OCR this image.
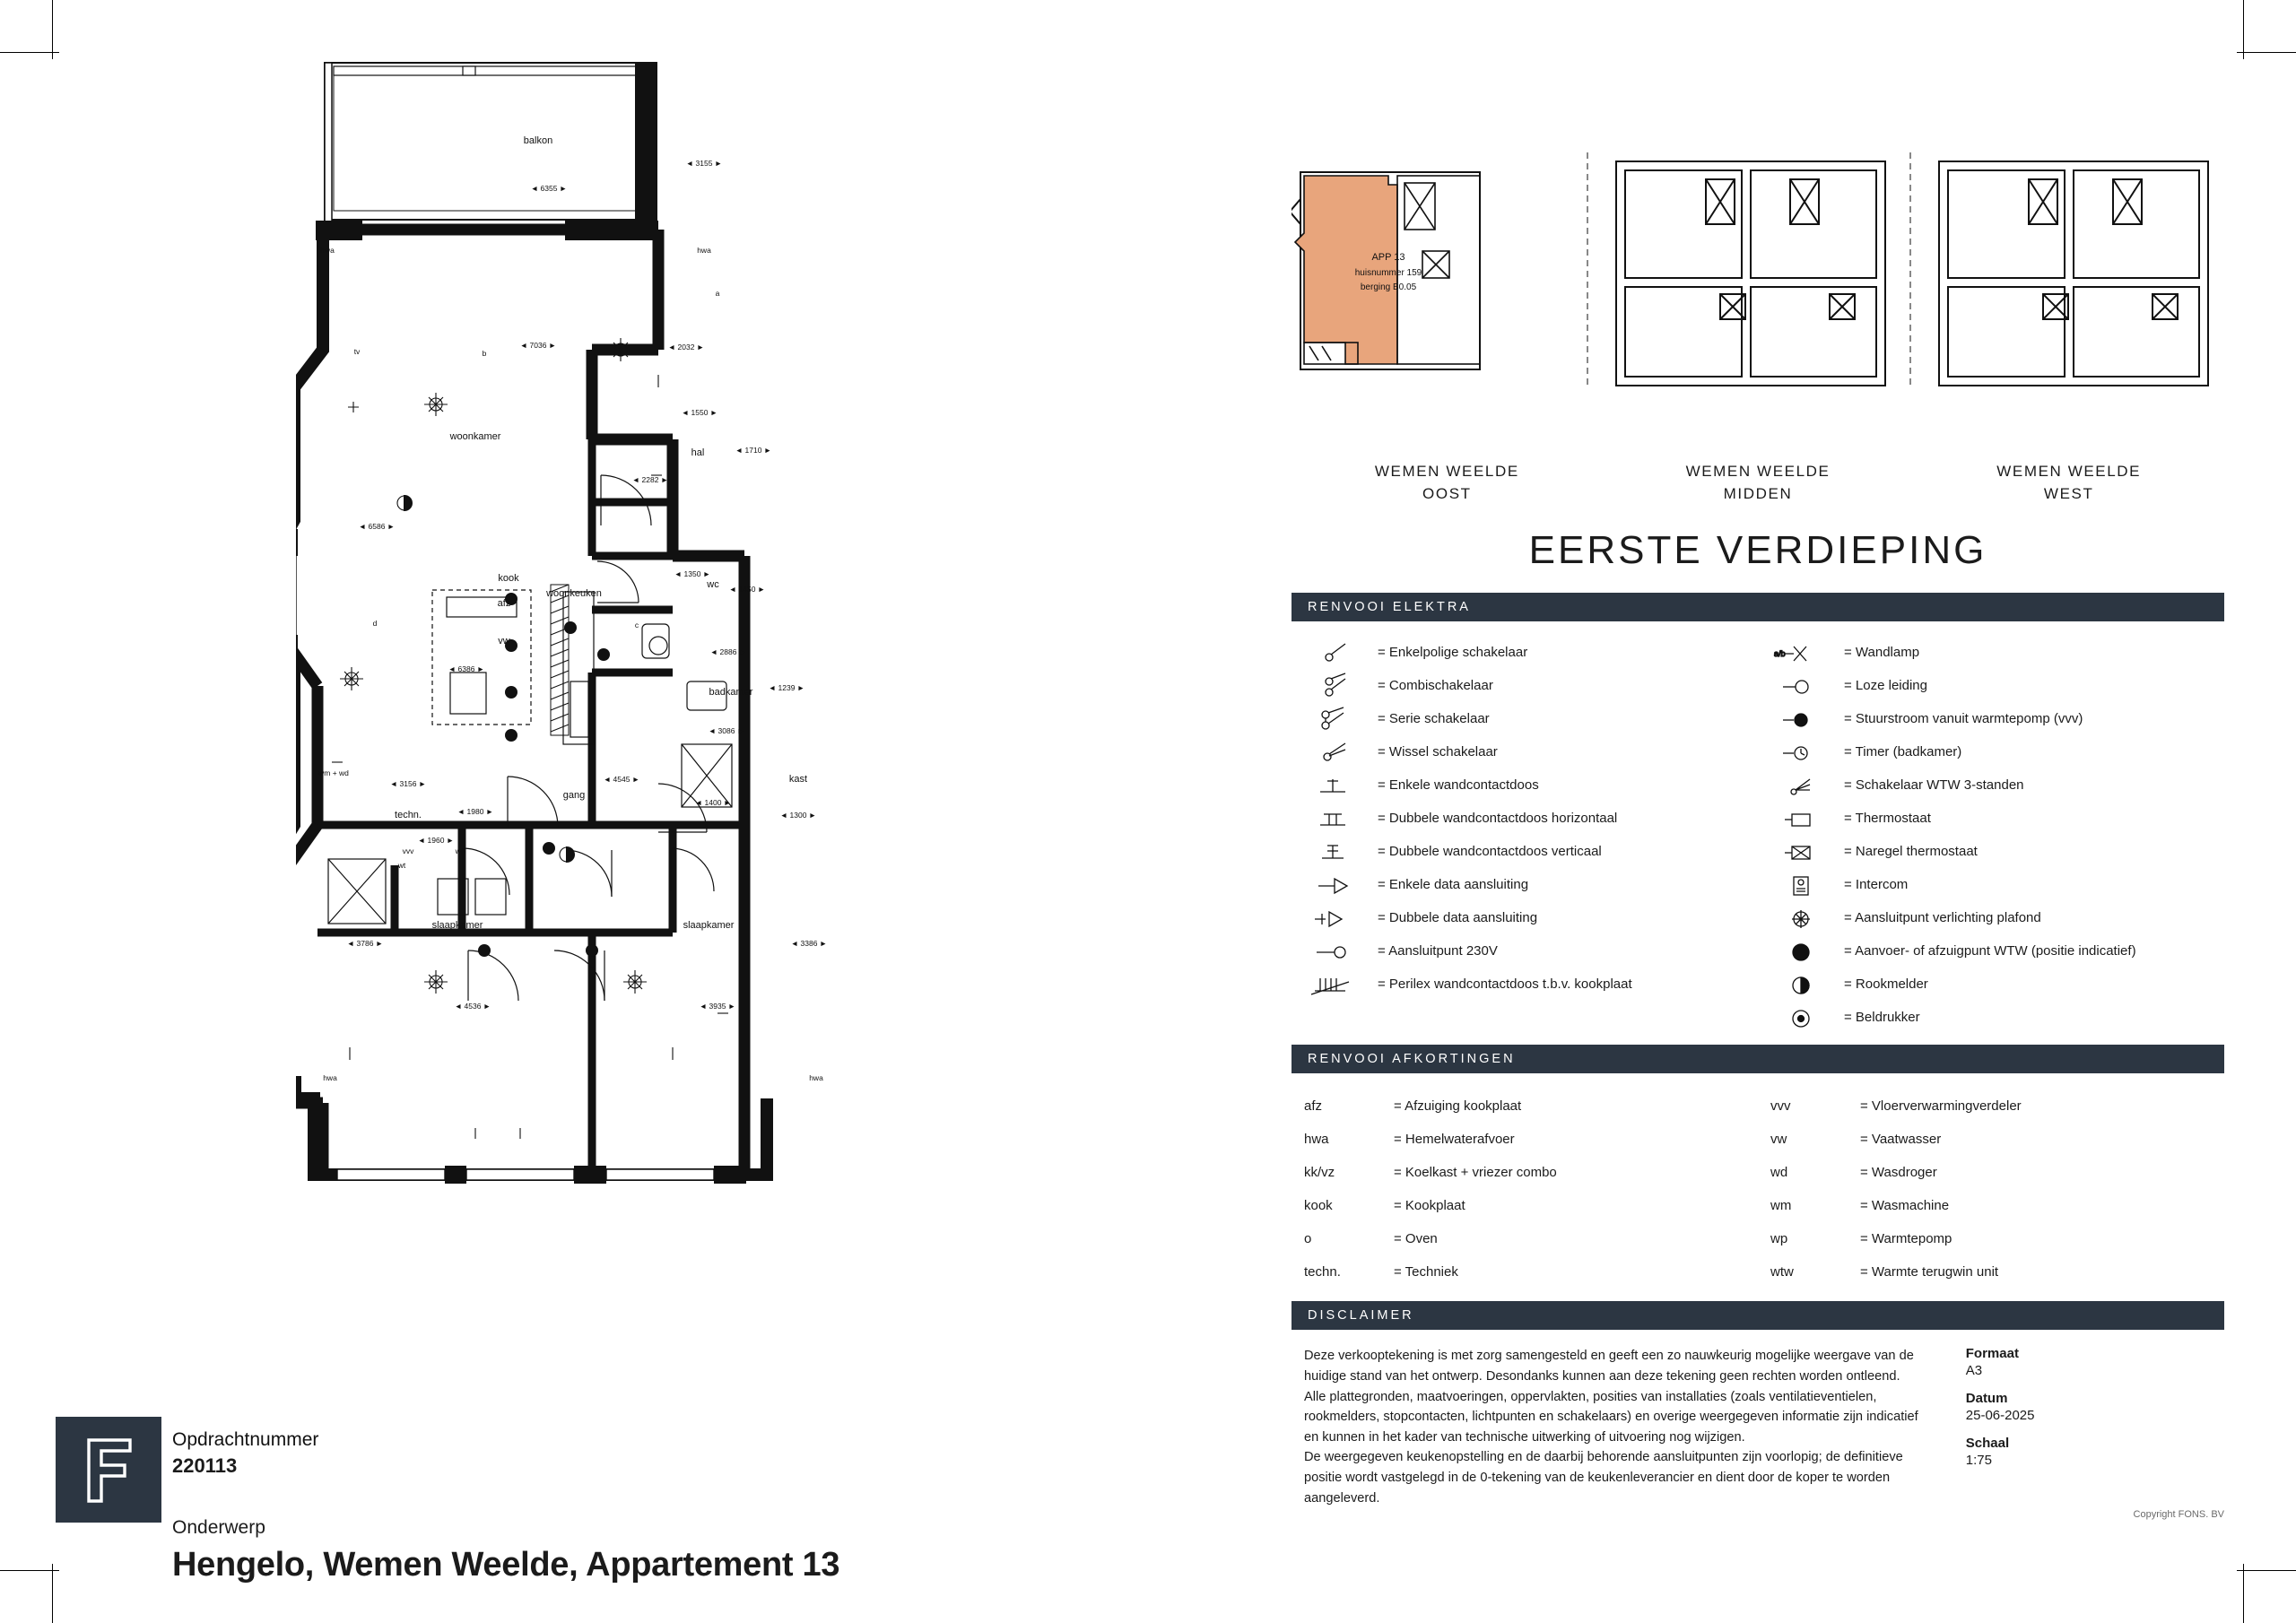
balkon
woonkamer
woonkeuken
hal
wc
badkamer
gang
kast
techn.
slaapkamer	slaapkamer
kook
afz
vw
◄ 6355 ►
◄ 3155 ►
◄ 7036 ►	◄ 2032 ►
◄ 1550 ►
◄ 1710 ►
◄ 2282 ►
◄ 6586 ►
◄ 1350 ►
◄ 1450 ►
◄ 2886 ►
◄ 1239 ►
◄ 6386 ►
◄ 3086 ►
◄ 3156 ►	◄ 4545 ►
◄ 1400 ►
◄ 1300 ►
◄ 1960 ►
◄ 1980 ►
◄ 3786 ►	◄ 3386 ►
◄ 4536 ►	◄ 3935 ►
hwa	hwa
tv
a
b
c
d
wm + wd
vvv
wt
wp
hwa	hwa
APP 13
huisnummer 159
berging B0.05
WEMEN WEELDE
OOST
WEMEN WEELDE
MIDDEN
WEMEN WEELDE
WEST
EERSTE VERDIEPING
RENVOOI ELEKTRA
= Enkelpolige schakelaar
= Combischakelaar
= Serie schakelaar
= Wissel schakelaar
= Enkele wandcontactdoos
= Dubbele wandcontactdoos horizontaal
= Dubbele wandcontactdoos verticaal
= Enkele data aansluiting
= Dubbele data aansluiting
= Aansluitpunt 230V
= Perilex wandcontactdoos t.b.v. kookplaat
a/b	= Wandlamp
= Loze leiding
= Stuurstroom vanuit warmtepomp (vvv)
= Timer (badkamer)
= Schakelaar WTW 3-standen
= Thermostaat
= Naregel thermostaat
= Intercom
= Aansluitpunt verlichting plafond
= Aanvoer- of afzuigpunt WTW (positie indicatief)
= Rookmelder
= Beldrukker
RENVOOI AFKORTINGEN
afz	= Afzuiging kookplaat
hwa	= Hemelwaterafvoer
kk/vz	= Koelkast + vriezer combo
kook	= Kookplaat
o	= Oven
techn.	= Techniek
vvv	= Vloerverwarmingverdeler
vw	= Vaatwasser
wd	= Wasdroger
wm	= Wasmachine
wp	= Warmtepomp
wtw	= Warmte terugwin unit
DISCLAIMER
Deze verkooptekening is met zorg samengesteld en geeft een zo nauwkeurig mogelijke weergave van de huidige stand van het ontwerp. Desondanks kunnen aan deze tekening geen rechten worden ontleend. Alle plattegronden, maatvoeringen, oppervlakten, posities van installaties (zoals ventilatieventielen, rookmelders, stopcontacten, lichtpunten en schakelaars) en overige weergegeven informatie zijn indicatief en kunnen in het kader van technische uitwerking of uitvoering nog wijzigen.
De weergegeven keukenopstelling en de daarbij behorende aansluitpunten zijn voorlopig; de definitieve positie wordt vastgelegd in de 0-tekening van de keukenleverancier en dient door de koper te worden aangeleverd.
Formaat
A3
Datum
25-06-2025
Schaal
1:75
Copyright FONS. BV
Opdrachtnummer
220113
Onderwerp
Hengelo, Wemen Weelde, Appartement 13
